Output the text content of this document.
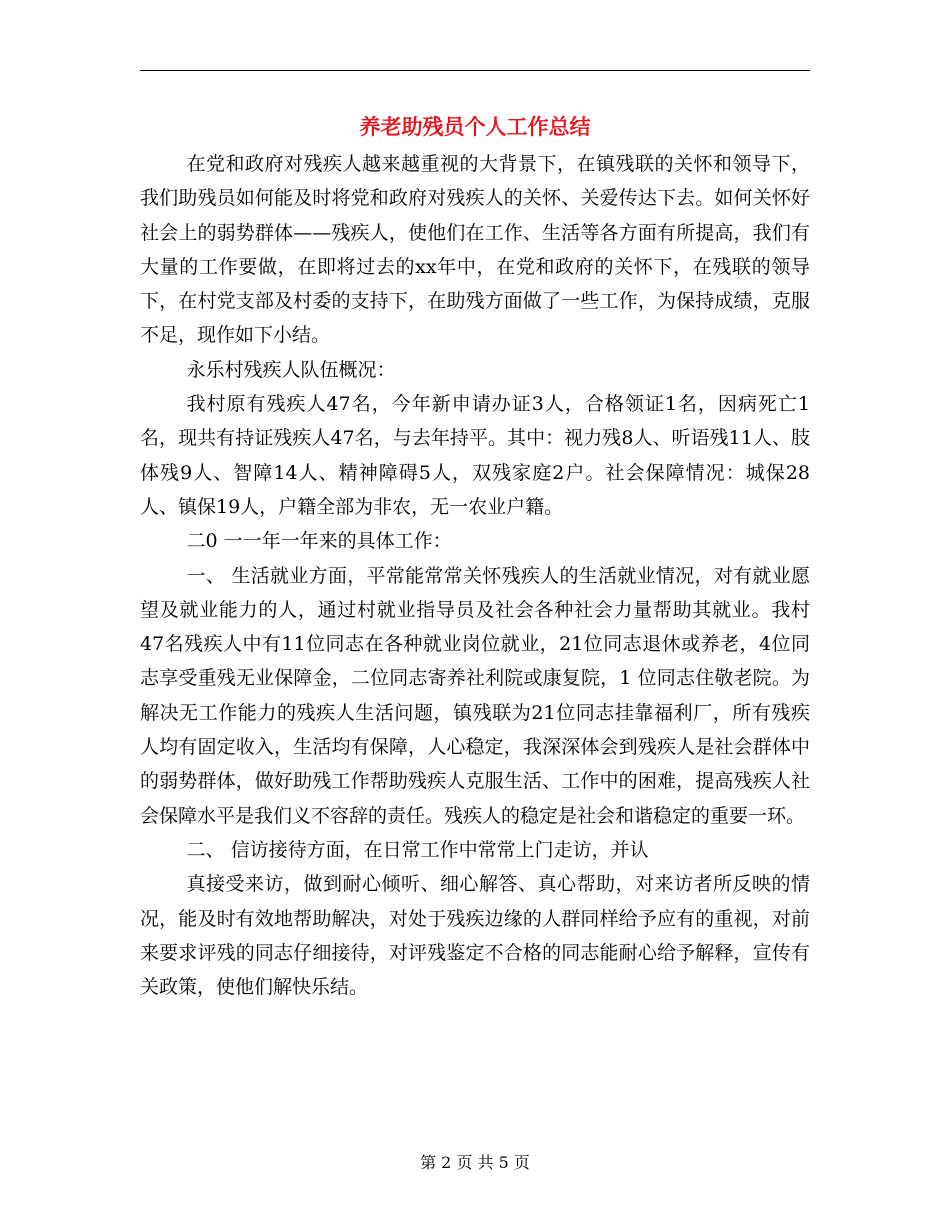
养老助残员个人工作总结

在党和政府对残疾人越来越重视的大背景下，在镇残联的关怀和领导下，我们助残员如何能及时将党和政府对残疾人的关怀、关爱传达下去。如何关怀好社会上的弱势群体——残疾人，使他们在工作、生活等各方面有所提高，我们有大量的工作要做，在即将过去的xx年中，在党和政府的关怀下，在残联的领导下，在村党支部及村委的支持下，在助残方面做了一些工作，为保持成绩，克服不足，现作如下小结。

永乐村残疾人队伍概况：

我村原有残疾人47名，今年新申请办证3人，合格领证1名，因病死亡1 名，现共有持证残疾人47名，与去年持平。其中：视力残8人、听语残11人、肢体残9人、智障14人、精神障碍5人，双残家庭2户。社会保障情况：城保28人、镇保19人，户籍全部为非农，无一农业户籍。

二0 一一年一年来的具体工作：

一、 生活就业方面，平常能常常关怀残疾人的生活就业情况，对有就业愿望及就业能力的人，通过村就业指导员及社会各种社会力量帮助其就业。我村47名残疾人中有11位同志在各种就业岗位就业，21位同志退休或养老，4位同志享受重残无业保障金，二位同志寄养社利院或康复院，1 位同志住敬老院。为解决无工作能力的残疾人生活问题，镇残联为21位同志挂靠福利厂，所有残疾人均有固定收入，生活均有保障，人心稳定，我深深体会到残疾人是社会群体中的弱势群体，做好助残工作帮助残疾人克服生活、工作中的困难，提高残疾人社会保障水平是我们义不容辞的责任。残疾人的稳定是社会和谐稳定的重要一环。

二、 信访接待方面，在日常工作中常常上门走访，并认

真接受来访，做到耐心倾听、细心解答、真心帮助，对来访者所反映的情况，能及时有效地帮助解决，对处于残疾边缘的人群同样给予应有的重视，对前来要求评残的同志仔细接待，对评残鉴定不合格的同志能耐心给予解释，宣传有关政策，使他们解快乐结。

第 2 页 共 5 页
